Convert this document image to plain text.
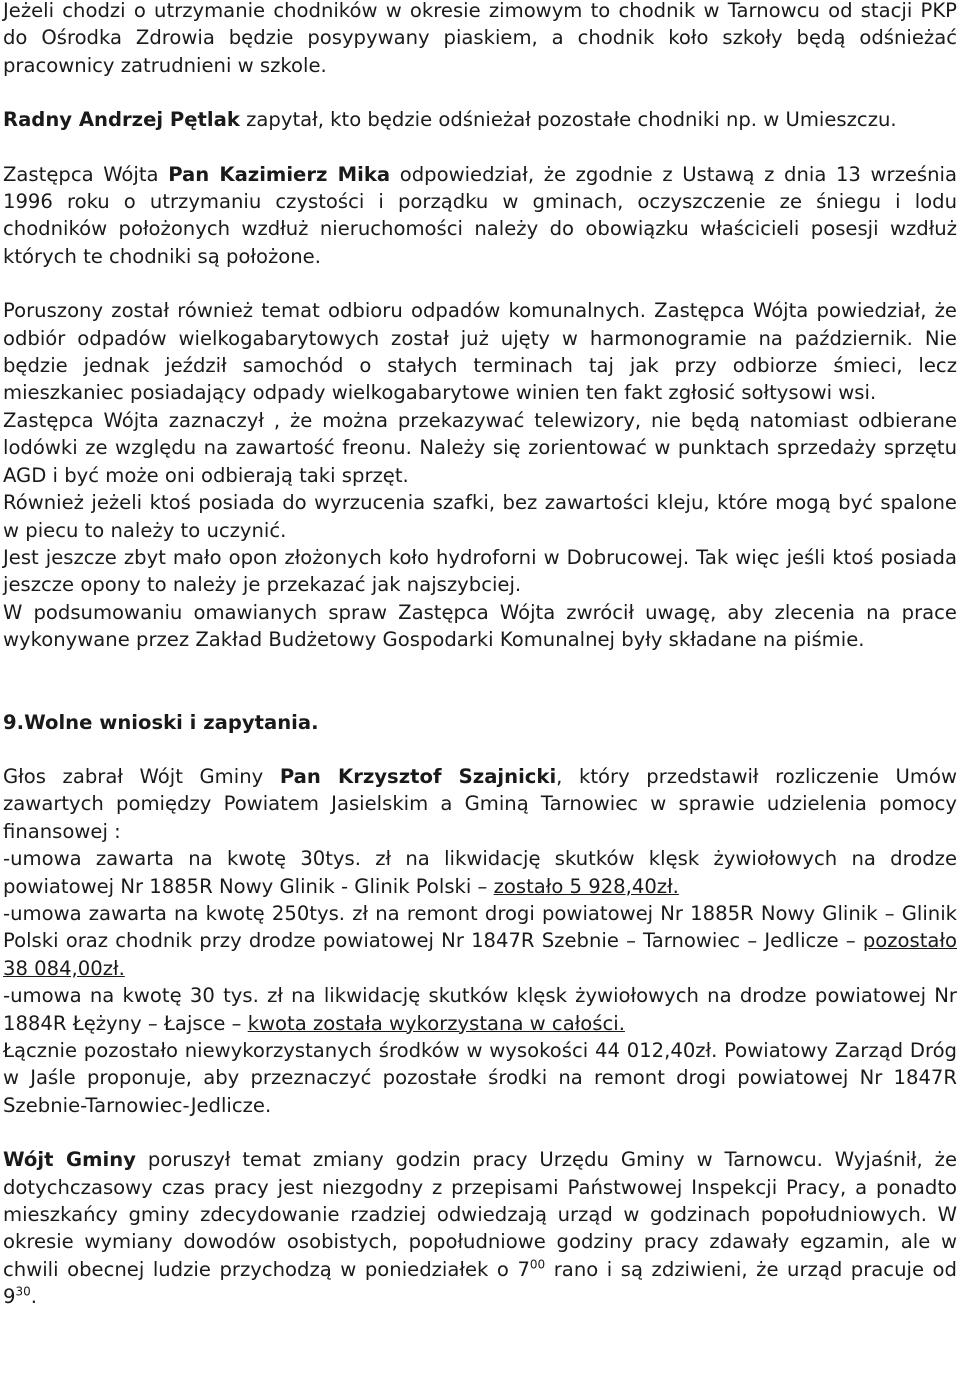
Jeżeli chodzi o utrzymanie chodników w okresie zimowym to chodnik w Tarnowcu od stacji PKP do Ośrodka Zdrowia będzie posypywany piaskiem, a chodnik koło szkoły będą odśnieżać pracownicy zatrudnieni w szkole.

Radny Andrzej Pętlak zapytał, kto będzie odśnieżał pozostałe chodniki np. w Umieszczu.

Zastępca Wójta Pan Kazimierz Mika odpowiedział, że zgodnie z Ustawą z dnia 13 września 1996 roku o utrzymaniu czystości i porządku w gminach, oczyszczenie ze śniegu i lodu chodników położonych wzdłuż nieruchomości należy do obowiązku właścicieli posesji wzdłuż których te chodniki są położone.

Poruszony został również temat odbioru odpadów komunalnych. Zastępca Wójta powiedział, że odbiór odpadów wielkogabarytowych został już ujęty w harmonogramie na październik. Nie będzie jednak jeździł samochód o stałych terminach taj jak przy odbiorze śmieci, lecz mieszkaniec posiadający odpady wielkogabarytowe winien ten fakt zgłosić sołtysowi wsi.

Zastępca Wójta zaznaczył , że można przekazywać telewizory, nie będą natomiast odbierane lodówki ze względu na zawartość freonu. Należy się zorientować w punktach sprzedaży sprzętu AGD i być może oni odbierają taki sprzęt.

Również jeżeli ktoś posiada do wyrzucenia szafki, bez zawartości kleju, które mogą być spalone w piecu to należy to uczynić.

Jest jeszcze zbyt mało opon złożonych koło hydroforni w Dobrucowej. Tak więc jeśli ktoś posiada jeszcze opony to należy je przekazać jak najszybciej.

W podsumowaniu omawianych spraw Zastępca Wójta zwrócił uwagę, aby zlecenia na prace wykonywane przez Zakład Budżetowy Gospodarki Komunalnej były składane na piśmie.

9.Wolne wnioski i zapytania.

Głos zabrał Wójt Gminy Pan Krzysztof Szajnicki, który przedstawił rozliczenie Umów zawartych pomiędzy Powiatem Jasielskim a Gminą Tarnowiec w sprawie udzielenia pomocy finansowej :

-umowa zawarta na kwotę 30tys. zł na likwidację skutków klęsk żywiołowych na drodze powiatowej Nr 1885R Nowy Glinik - Glinik Polski – zostało 5 928,40zł.

-umowa zawarta na kwotę 250tys. zł na remont drogi powiatowej Nr 1885R Nowy Glinik – Glinik Polski oraz chodnik przy drodze powiatowej Nr 1847R Szebnie – Tarnowiec – Jedlicze – pozostało 38 084,00zł.

-umowa na kwotę 30 tys. zł na likwidację skutków klęsk żywiołowych na drodze powiatowej Nr 1884R Łężyny – Łajsce – kwota została wykorzystana w całości.

Łącznie pozostało niewykorzystanych środków w wysokości 44 012,40zł. Powiatowy Zarząd Dróg w Jaśle proponuje, aby przeznaczyć pozostałe środki na remont drogi powiatowej Nr 1847R Szebnie-Tarnowiec-Jedlicze.

Wójt Gminy poruszył temat zmiany godzin pracy Urzędu Gminy w Tarnowcu. Wyjaśnił, że dotychczasowy czas pracy jest niezgodny z przepisami Państwowej Inspekcji Pracy, a ponadto mieszkańcy gminy zdecydowanie rzadziej odwiedzają urząd w godzinach popołudniowych. W okresie wymiany dowodów osobistych, popołudniowe godziny pracy zdawały egzamin, ale w chwili obecnej ludzie przychodzą w poniedziałek o $7^{00}$ rano i są zdziwieni, że urząd pracuje od $9^{30}$.
